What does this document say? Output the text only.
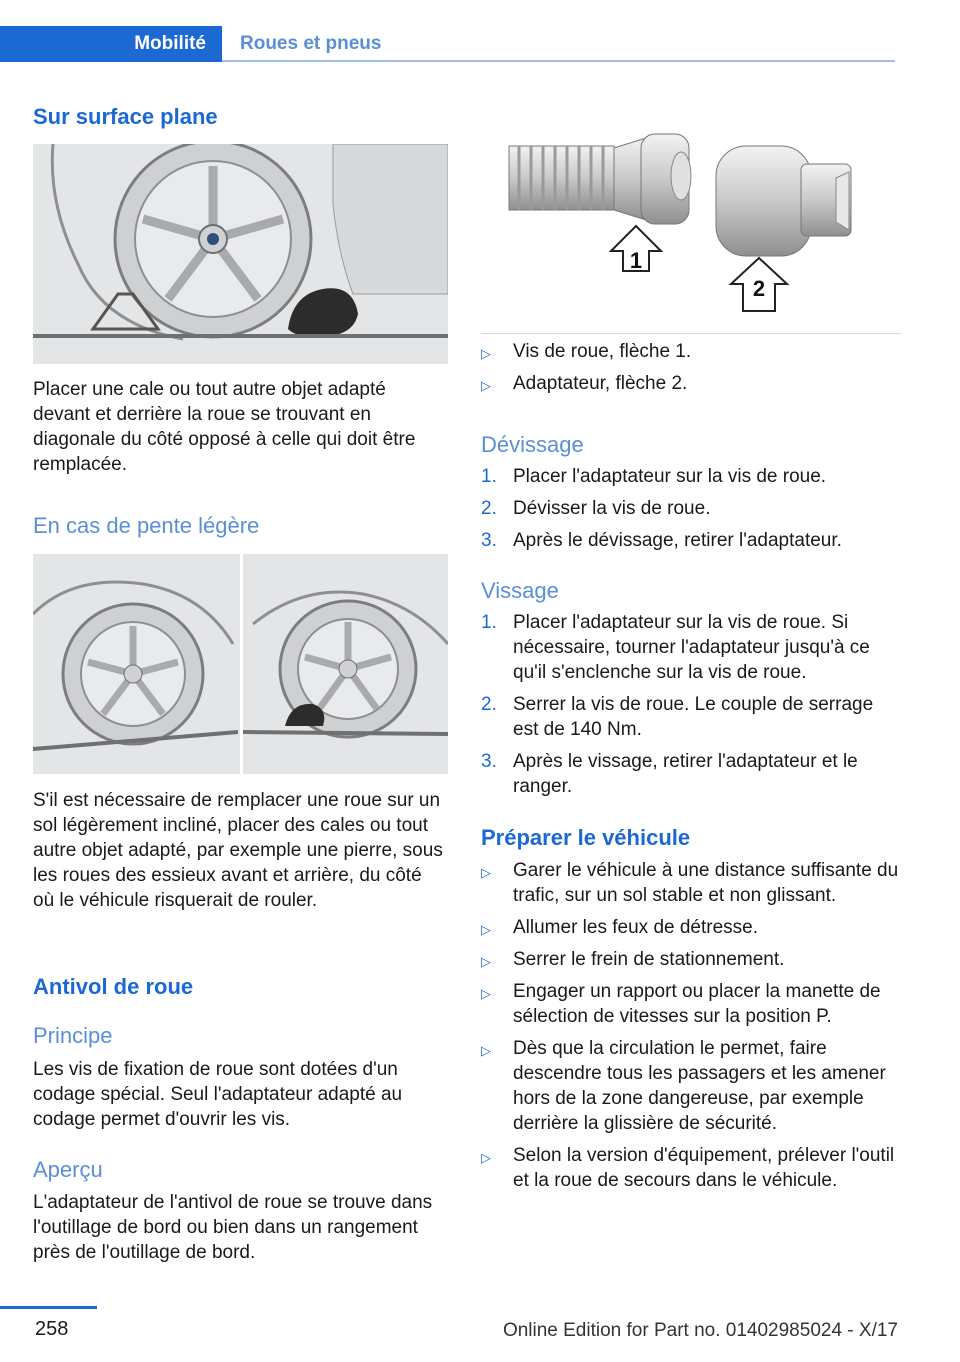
Mobilité Roues et pneus
Sur surface plane

Placer une cale ou tout autre objet adapté devant et derrière la roue se trouvant en diagonale du côté opposé à celle qui doit être remplacée.

En cas de pente légère

S'il est nécessaire de remplacer une roue sur un sol légèrement incliné, placer des cales ou tout autre objet adapté, par exemple une pierre, sous les roues des essieux avant et arrière, du côté où le véhicule risquerait de rouler.

Antivol de roue
Principe

Les vis de fixation de roue sont dotées d'un codage spécial. Seul l'adaptateur adapté au codage permet d'ouvrir les vis.

Aperçu

L'adaptateur de l'antivol de roue se trouve dans l'outillage de bord ou bien dans un rangement près de l'outillage de bord.

1
2
▷ Vis de roue, flèche 1.
▷ Adaptateur, flèche 2.
Dévissage
1. Placer l'adaptateur sur la vis de roue.
2. Dévisser la vis de roue.
3. Après le dévissage, retirer l'adaptateur.
Vissage
1. Placer l'adaptateur sur la vis de roue. Si nécessaire, tourner l'adaptateur jusqu'à ce qu'il s'enclenche sur la vis de roue.
2. Serrer la vis de roue. Le couple de serrage est de 140 Nm.
3. Après le vissage, retirer l'adaptateur et le ranger.
Préparer le véhicule
▷ Garer le véhicule à une distance suffisante du trafic, sur un sol stable et non glissant.
▷ Allumer les feux de détresse.
▷ Serrer le frein de stationnement.
▷ Engager un rapport ou placer la manette de sélection de vitesses sur la position P.
▷ Dès que la circulation le permet, faire descendre tous les passagers et les amener hors de la zone dangereuse, par exemple derrière la glissière de sécurité.
▷ Selon la version d'équipement, prélever l'outil et la roue de secours dans le véhicule.
258	Online Edition for Part no. 01402985024 - X/17
